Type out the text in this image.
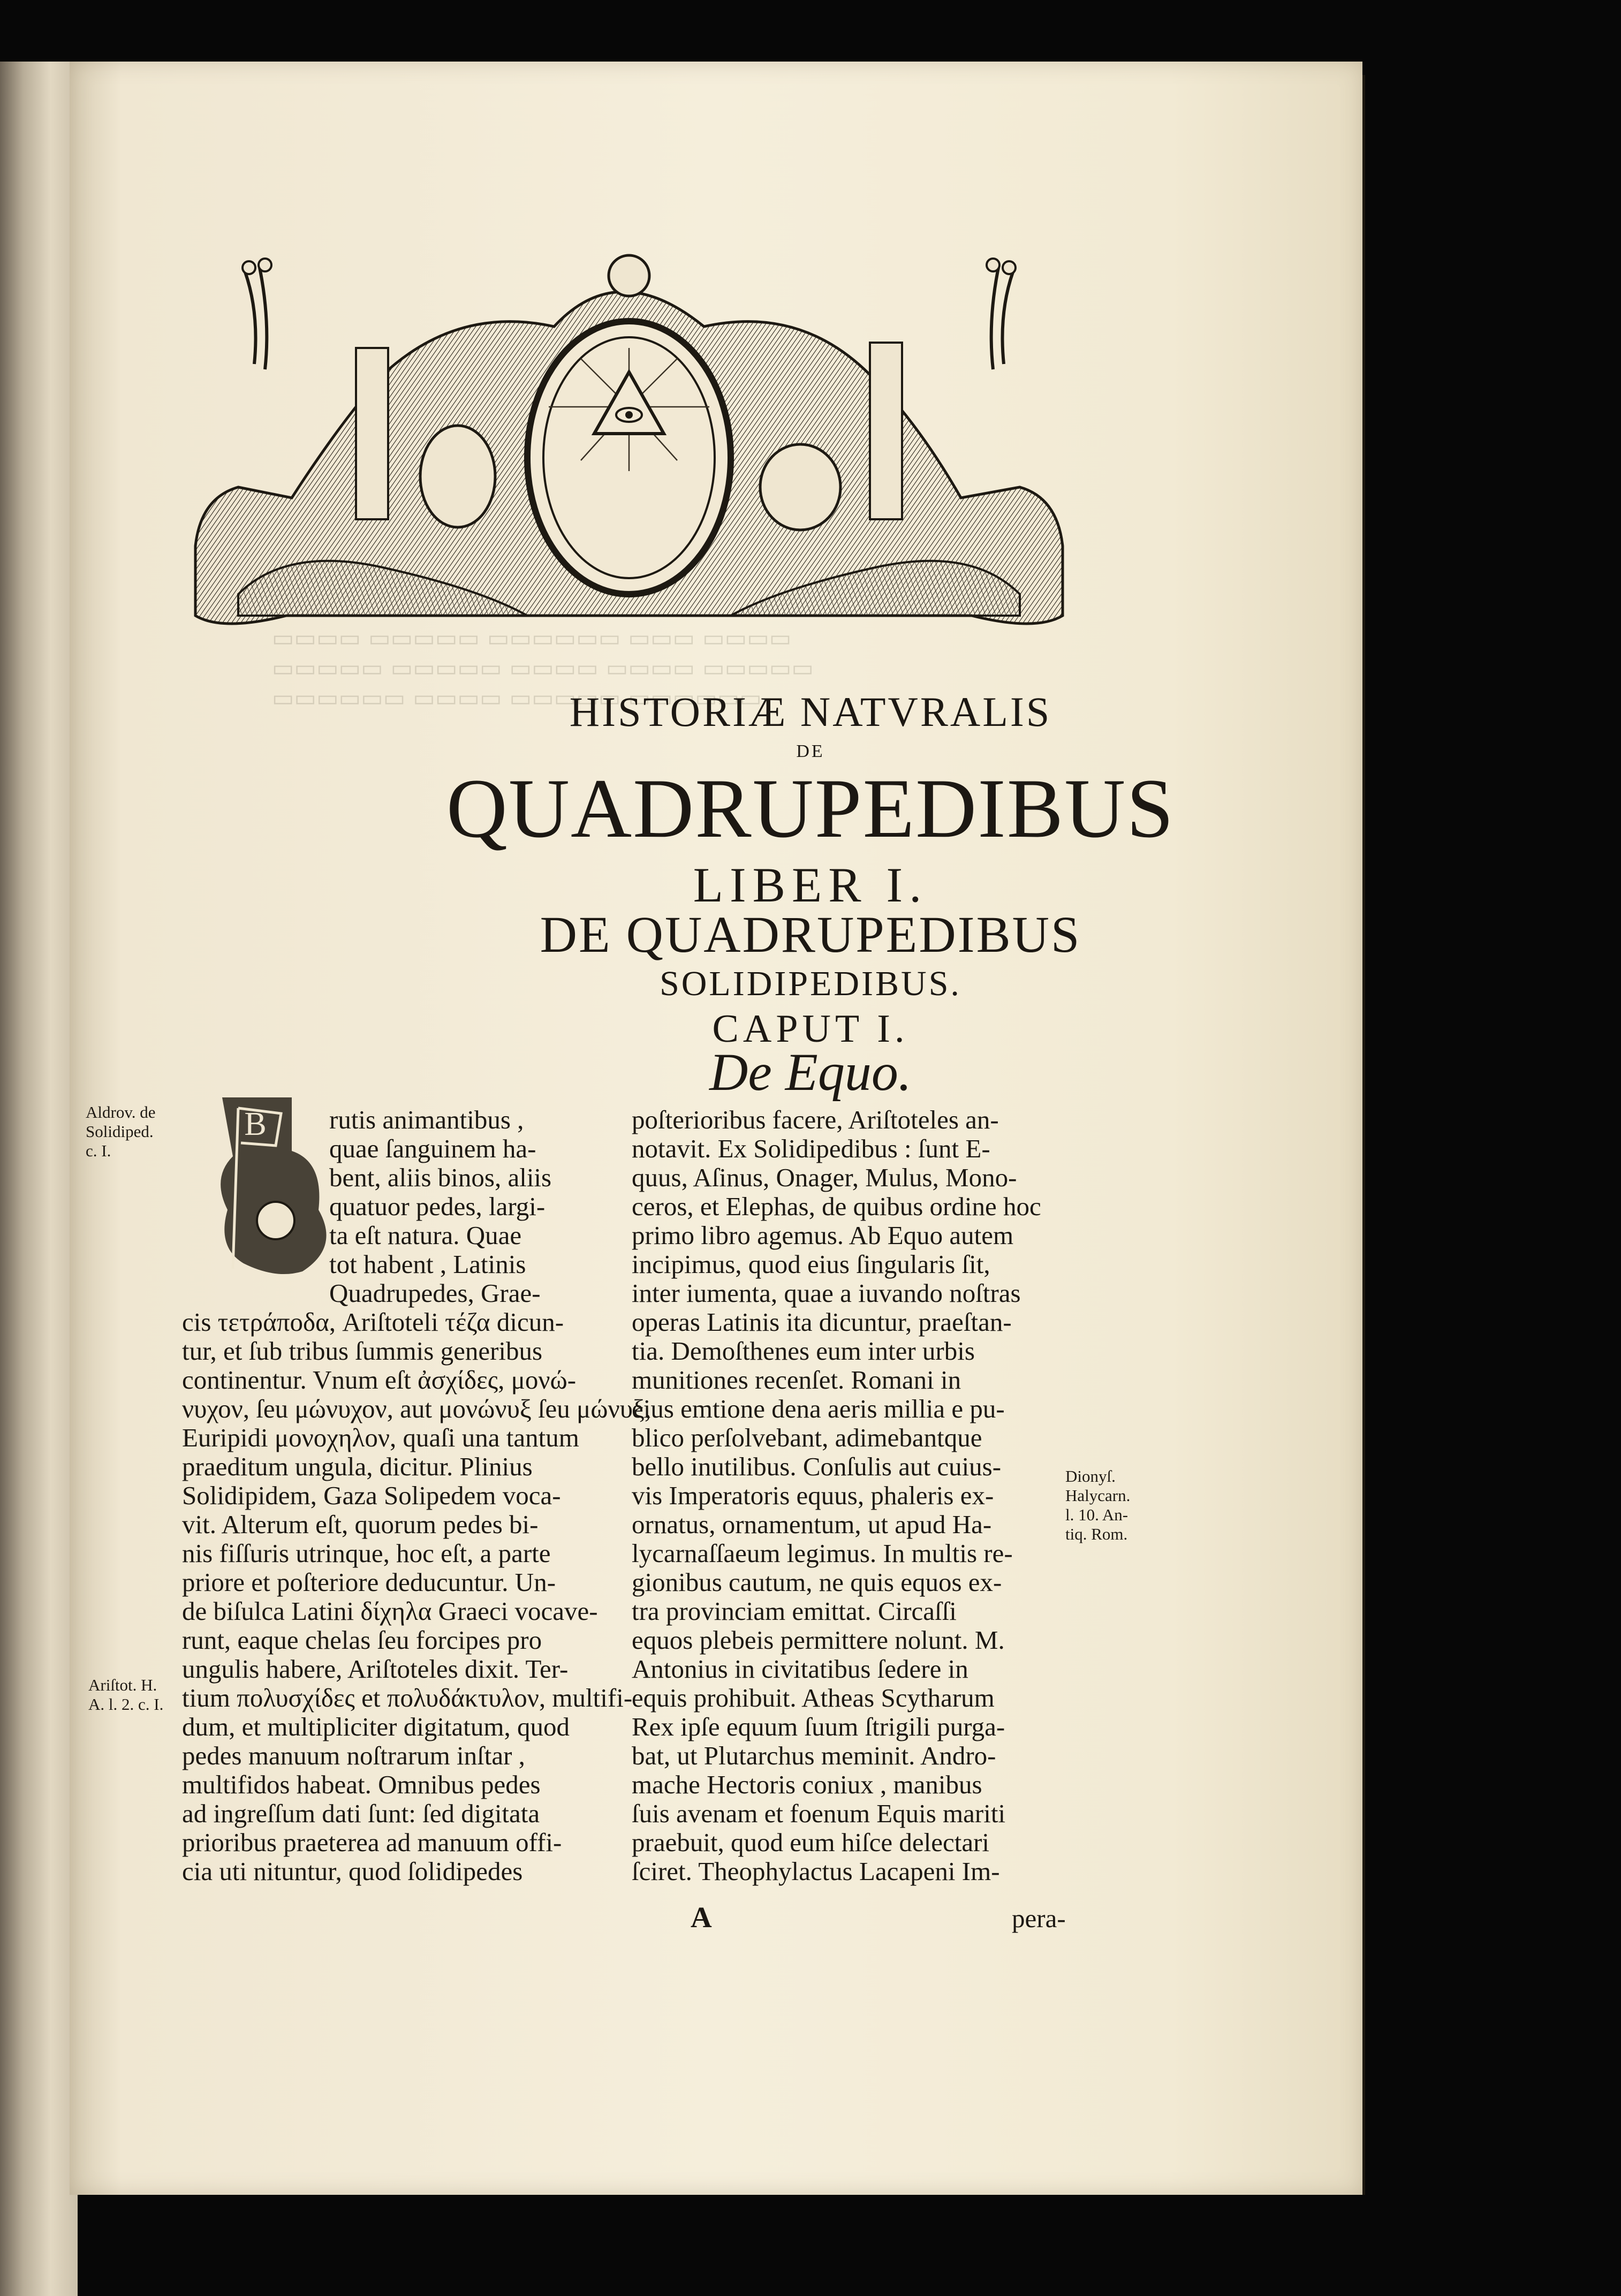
▭▭▭▭ ▭▭▭▭▭ ▭▭▭▭▭▭ ▭▭▭ ▭▭▭▭
▭▭▭▭▭ ▭▭▭▭▭ ▭▭▭▭ ▭▭▭▭ ▭▭▭▭▭
▭▭▭▭▭▭ ▭▭▭▭ ▭▭▭▭▭ ▭▭▭▭▭▭
HISTORIÆ NATVRALIS
DE
QUADRUPEDIBUS
LIBER I.
DE QUADRUPEDIBUS
SOLIDIPEDIBUS.
CAPUT I.
De Equo.
B
Aldrov. de
Solidiped.
c. I.
Ariſtot. H.
A. l. 2. c. I.
Dionyſ.
Halycarn.
l. 10. An-
tiq. Rom.
rutis animantibus ,
quae ſanguinem ha-
bent, aliis binos, aliis
quatuor pedes, largi-
ta eſt natura. Quae
tot habent , Latinis
Quadrupedes, Grae-
cis τετράποδα, Ariſtoteli τέζα dicun-
tur, et ſub tribus ſummis generibus
continentur. Vnum eſt ἀσχίδες, μονώ-
νυχον, ſeu μώνυχον, aut μονώνυξ ſeu μώνυξ,
Euripidi μονοχηλον, quaſi una tantum
praeditum ungula, dicitur. Plinius
Solidipidem, Gaza Solipedem voca-
vit. Alterum eſt, quorum pedes bi-
nis fiſſuris utrinque, hoc eſt, a parte
priore et poſteriore deducuntur. Un-
de biſulca Latini δίχηλα Graeci vocave-
runt, eaque chelas ſeu forcipes pro
ungulis habere, Ariſtoteles dixit. Ter-
tium πολυσχίδες et πολυδάκτυλον, multifi-
dum, et multipliciter digitatum, quod
pedes manuum noſtrarum inſtar ,
multifidos habeat. Omnibus pedes
ad ingreſſum dati ſunt: ſed digitata
prioribus praeterea ad manuum offi-
cia uti nituntur, quod ſolidipedes
poſterioribus facere, Ariſtoteles an-
notavit. Ex Solidipedibus : ſunt E-
quus, Aſinus, Onager, Mulus, Mono-
ceros, et Elephas, de quibus ordine hoc
primo libro agemus. Ab Equo autem
incipimus, quod eius ſingularis ſit,
inter iumenta, quae a iuvando noſtras
operas Latinis ita dicuntur, praeſtan-
tia. Demoſthenes eum inter urbis
munitiones recenſet. Romani in
eius emtione dena aeris millia e pu-
blico perſolvebant, adimebantque
bello inutilibus. Conſulis aut cuius-
vis Imperatoris equus, phaleris ex-
ornatus, ornamentum, ut apud Ha-
lycarnaſſaeum legimus. In multis re-
gionibus cautum, ne quis equos ex-
tra provinciam emittat. Circaſſi
equos plebeis permittere nolunt. M.
Antonius in civitatibus ſedere in
equis prohibuit. Atheas Scytharum
Rex ipſe equum ſuum ſtrigili purga-
bat, ut Plutarchus meminit. Andro-
mache Hectoris coniux , manibus
ſuis avenam et foenum Equis mariti
praebuit, quod eum hiſce delectari
ſciret. Theophylactus Lacapeni Im-
A	pera-
